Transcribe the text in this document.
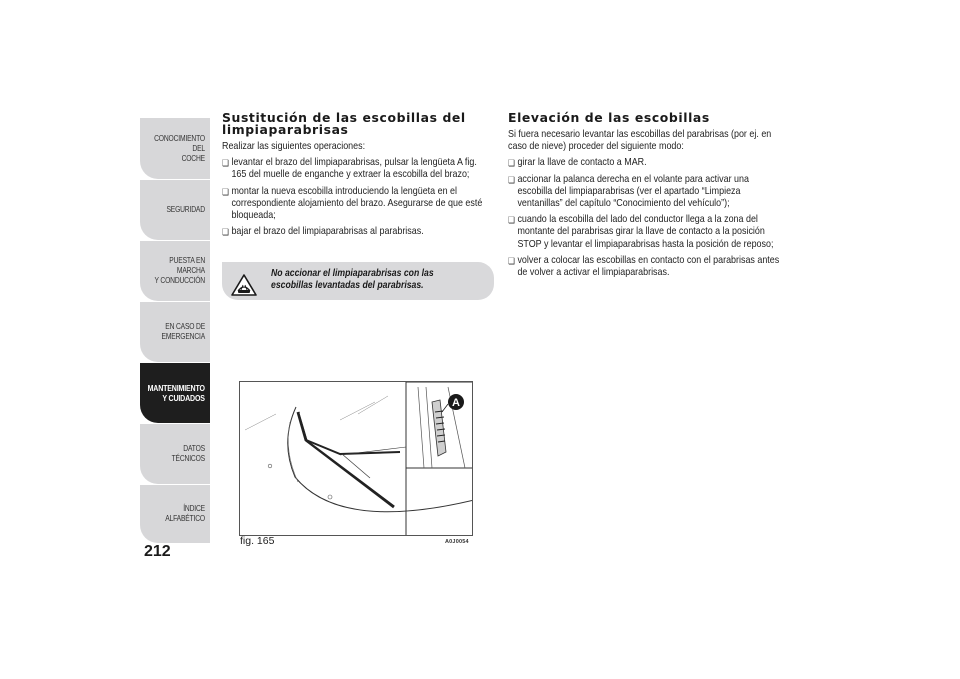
CONOCIMIENTO DEL
COCHE
SEGURIDAD
PUESTA EN MARCHA
Y CONDUCCIÓN
EN CASO DE
EMERGENCIA
MANTENIMIENTO
Y CUIDADOS
DATOS TÉCNICOS
ÍNDICE ALFABÉTICO
212
Sustitución de las escobillas del limpiaparabrisas

Realizar las siguientes operaciones:

❏ levantar el brazo del limpiaparabrisas, pulsar la lengüeta A fig. 165 del muelle de enganche y extraer la escobilla del brazo;
❏ montar la nueva escobilla introduciendo la lengüeta en el correspondiente alojamiento del brazo. Asegurarse de que esté bloqueada;
❏ bajar el brazo del limpiaparabrisas al parabrisas.
No accionar el limpiaparabrisas con las escobillas levantadas del parabrisas.
A
fig. 165	A0J0054
Elevación de las escobillas

Si fuera necesario levantar las escobillas del parabrisas (por ej. en caso de nieve) proceder del siguiente modo:

❏ girar la llave de contacto a MAR.
❏ accionar la palanca derecha en el volante para activar una escobilla del limpiaparabrisas (ver el apartado “Limpieza ventanillas” del capítulo “Conocimiento del vehículo”);
❏ cuando la escobilla del lado del conductor llega a la zona del montante del parabrisas girar la llave de contacto a la posición STOP y levantar el limpiaparabrisas hasta la posición de reposo;
❏ volver a colocar las escobillas en contacto con el parabrisas antes de volver a activar el limpiaparabrisas.
